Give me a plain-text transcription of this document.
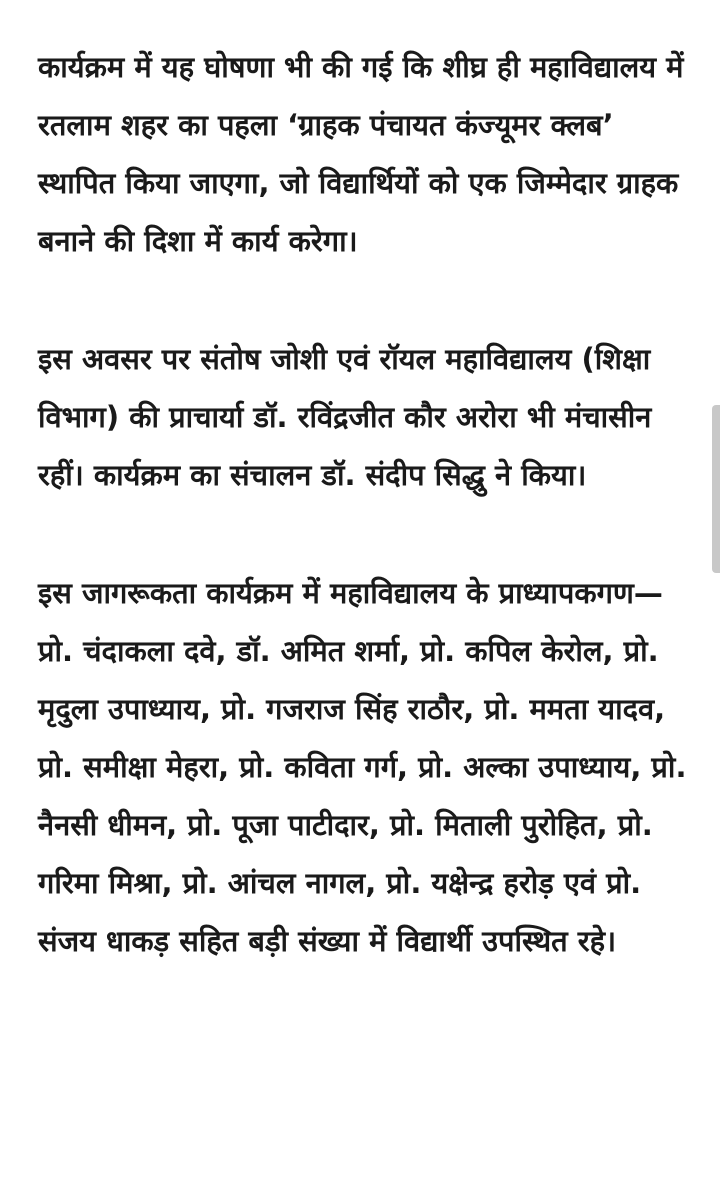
कार्यक्रम में यह घोषणा भी की गई कि शीघ्र ही महाविद्यालय में रतलाम शहर का पहला ‘ग्राहक पंचायत कंज्यूमर क्लब’ स्थापित किया जाएगा, जो विद्यार्थियों को एक जिम्मेदार ग्राहक बनाने की दिशा में कार्य करेगा।

इस अवसर पर संतोष जोशी एवं रॉयल महाविद्यालय (शिक्षा विभाग) की प्राचार्या डॉ. रविंद्रजीत कौर अरोरा भी मंचासीन रहीं। कार्यक्रम का संचालन डॉ. संदीप सिद्धु ने किया।

इस जागरूकता कार्यक्रम में महाविद्यालय के प्राध्यापकगण—प्रो. चंदाकला दवे, डॉ. अमित शर्मा, प्रो. कपिल केरोल, प्रो. मृदुला उपाध्याय, प्रो. गजराज सिंह राठौर, प्रो. ममता यादव, प्रो. समीक्षा मेहरा, प्रो. कविता गर्ग, प्रो. अल्का उपाध्याय, प्रो. नैनसी धीमन, प्रो. पूजा पाटीदार, प्रो. मिताली पुरोहित, प्रो. गरिमा मिश्रा, प्रो. आंचल नागल, प्रो. यक्षेन्द्र हरोड़ एवं प्रो. संजय धाकड़ सहित बड़ी संख्या में विद्यार्थी उपस्थित रहे।
